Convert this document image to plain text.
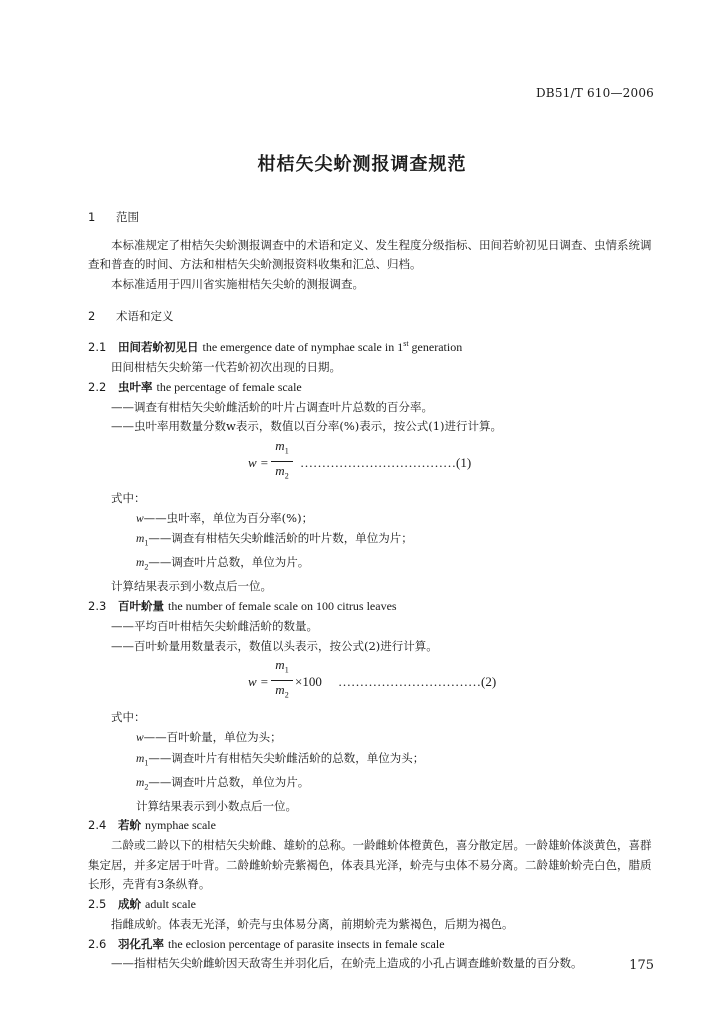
DB51/T 610—2006
柑桔矢尖蚧测报调查规范
1 范围
本标准规定了柑桔矢尖蚧测报调查中的术语和定义、发生程度分级指标、田间若蚧初见日调查、虫情系统调查和普查的时间、方法和柑桔矢尖蚧测报资料收集和汇总、归档。
本标准适用于四川省实施柑桔矢尖蚧的测报调查。
2 术语和定义
2.1 田间若蚧初见日 the emergence date of nymphae scale in 1st generation
田间柑桔矢尖蚧第一代若蚧初次出现的日期。
2.2 虫叶率 the percentage of female scale
——调查有柑桔矢尖蚧雌活蚧的叶片占调查叶片总数的百分率。
——虫叶率用数量分数w表示，数值以百分率(%)表示，按公式(1)进行计算。
w =
$m_1$
$m_2$
………………………………(1)
式中：
w——虫叶率，单位为百分率(%)；
$m_1——$调查有柑桔矢尖蚧雌活蚧的叶片数，单位为片；
$m_2——$调查叶片总数，单位为片。
计算结果表示到小数点后一位。
2.3 百叶蚧量 the number of female scale on 100 citrus leaves
——平均百叶柑桔矢尖蚧雌活蚧的数量。
——百叶蚧量用数量表示，数值以头表示，按公式(2)进行计算。
w =
$m_1$
$m_2$
×100 ……………………………(2)
式中：
w——百叶蚧量，单位为头；
$m_1——$调查叶片有柑桔矢尖蚧雌活蚧的总数，单位为头；
$m_2——$调查叶片总数，单位为片。
计算结果表示到小数点后一位。
2.4 若蚧 nymphae scale
二龄或二龄以下的柑桔矢尖蚧雌、雄蚧的总称。一龄雌蚧体橙黄色，喜分散定居。一龄雄蚧体淡黄色，喜群集定居，并多定居于叶背。二龄雌蚧蚧壳紫褐色，体表具光泽，蚧壳与虫体不易分离。二龄雄蚧蚧壳白色，腊质长形，壳背有3条纵脊。
2.5 成蚧 adult scale
指雌成蚧。体表无光泽，蚧壳与虫体易分离，前期蚧壳为紫褐色，后期为褐色。
2.6 羽化孔率 the eclosion percentage of parasite insects in female scale
——指柑桔矢尖蚧雌蚧因天敌寄生并羽化后，在蚧壳上造成的小孔占调查雌蚧数量的百分数。	175
